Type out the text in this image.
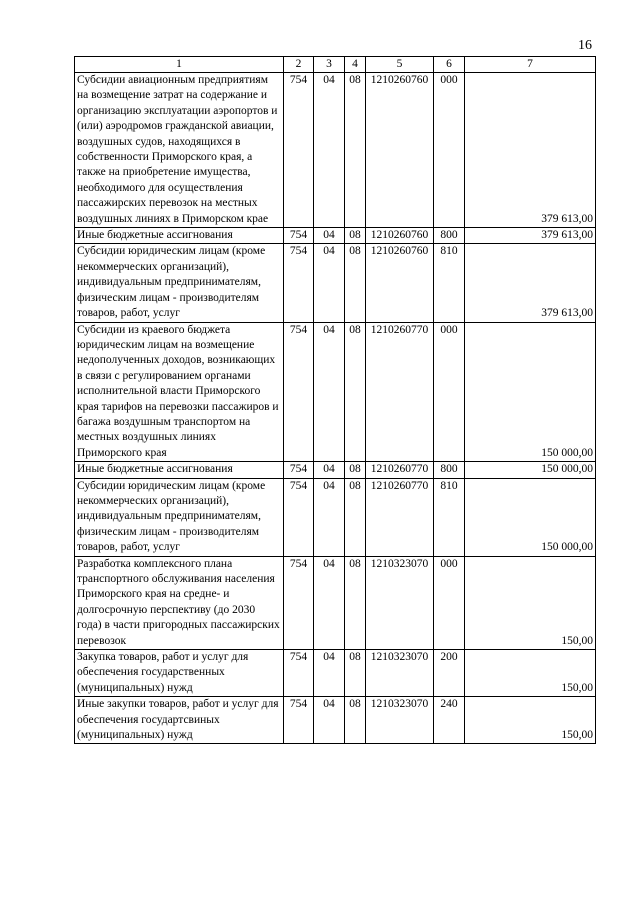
16
1	2	3	4	5	6	7
Субсидии авиационным предприятиям на возмещение затрат на содержание и организацию эксплуатации аэропортов и (или) аэродромов гражданской авиации, воздушных судов, находящихся в собственности Приморского края, а также на приобретение имущества, необходимого для осуществления пассажирских перевозок на местных воздушных линиях в Приморском крае	754	04	08	1210260760	000	379 613,00
Иные бюджетные ассигнования	754	04	08	1210260760	800	379 613,00
Субсидии юридическим лицам (кроме некоммерческих организаций), индивидуальным предпринимателям, физическим лицам - производителям товаров, работ, услуг	754	04	08	1210260760	810	379 613,00
Субсидии из краевого бюджета юридическим лицам на возмещение недополученных доходов, возникающих в связи с регулированием органами исполнительной власти Приморского края тарифов на перевозки пассажиров и багажа воздушным транспортом на местных воздушных линиях Приморского края	754	04	08	1210260770	000	150 000,00
Иные бюджетные ассигнования	754	04	08	1210260770	800	150 000,00
Субсидии юридическим лицам (кроме некоммерческих организаций), индивидуальным предпринимателям, физическим лицам - производителям товаров, работ, услуг	754	04	08	1210260770	810	150 000,00
Разработка комплексного плана транспортного обслуживания населения Приморского края на средне- и долгосрочную перспективу (до 2030 года) в части пригородных пассажирских перевозок	754	04	08	1210323070	000	150,00
Закупка товаров, работ и услуг для обеспечения государственных (муниципальных) нужд	754	04	08	1210323070	200	150,00
Иные закупки товаров, работ и услуг для обеспечения государтсвиных (муниципальных) нужд	754	04	08	1210323070	240	150,00
